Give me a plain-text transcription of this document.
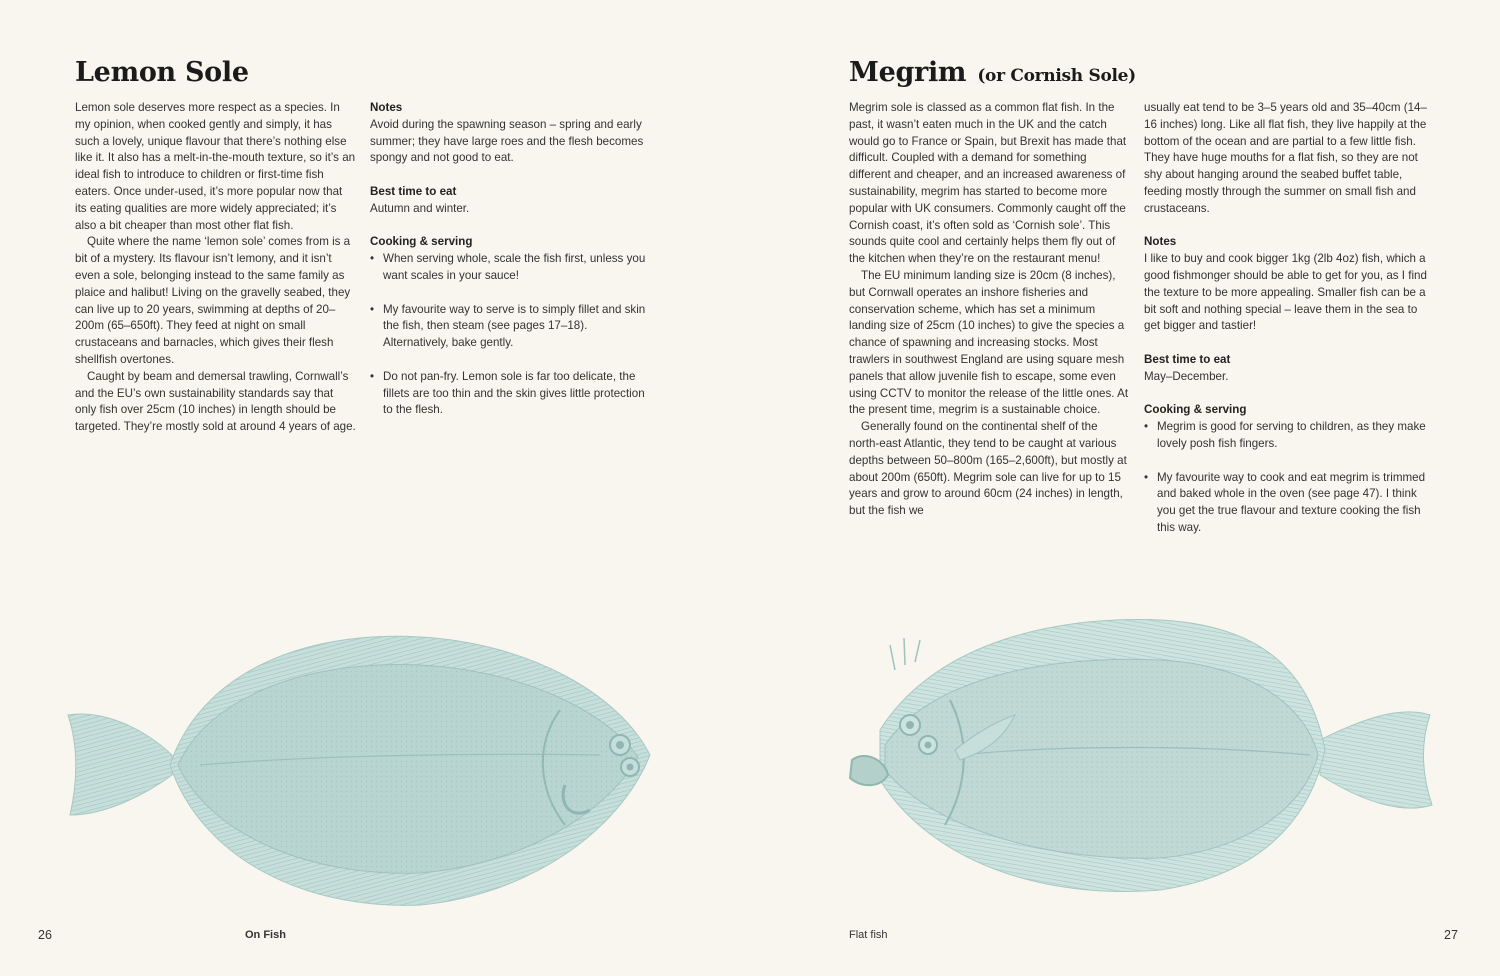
Lemon Sole

Lemon sole deserves more respect as a species. In my opinion, when cooked gently and simply, it has such a lovely, unique flavour that there’s nothing else like it. It also has a melt-in-the-mouth texture, so it’s an ideal fish to introduce to children or first-time fish eaters. Once under-used, it’s more popular now that its eating qualities are more widely appreciated; it’s also a bit cheaper than most other flat fish.

Quite where the name ‘lemon sole’ comes from is a bit of a mystery. Its flavour isn’t lemony, and it isn’t even a sole, belonging instead to the same family as plaice and halibut! Living on the gravelly seabed, they can live up to 20 years, swimming at depths of 20–200m (65–650ft). They feed at night on small crustaceans and barnacles, which gives their flesh shellfish overtones.

Caught by beam and demersal trawling, Cornwall’s and the EU’s own sustainability standards say that only fish over 25cm (10 inches) in length should be targeted. They’re mostly sold at around 4 years of age.

Notes

Avoid during the spawning season – spring and early summer; they have large roes and the flesh becomes spongy and not good to eat.

Best time to eat

Autumn and winter.

Cooking & serving

• When serving whole, scale the fish first, unless you want scales in your sauce!
• My favourite way to serve is to simply fillet and skin the fish, then steam (see pages 17–18). Alternatively, bake gently.
• Do not pan-fry. Lemon sole is far too delicate, the fillets are too thin and the skin gives little protection to the flesh.
26	On Fish
Megrim (or Cornish Sole)

Megrim sole is classed as a common flat fish. In the past, it wasn’t eaten much in the UK and the catch would go to France or Spain, but Brexit has made that difficult. Coupled with a demand for something different and cheaper, and an increased awareness of sustainability, megrim has started to become more popular with UK consumers. Commonly caught off the Cornish coast, it’s often sold as ‘Cornish sole’. This sounds quite cool and certainly helps them fly out of the kitchen when they’re on the restaurant menu!

The EU minimum landing size is 20cm (8 inches), but Cornwall operates an inshore fisheries and conservation scheme, which has set a minimum landing size of 25cm (10 inches) to give the species a chance of spawning and increasing stocks. Most trawlers in southwest England are using square mesh panels that allow juvenile fish to escape, some even using CCTV to monitor the release of the little ones. At the present time, megrim is a sustainable choice.

Generally found on the continental shelf of the north-east Atlantic, they tend to be caught at various depths between 50–800m (165–2,600ft), but mostly at about 200m (650ft). Megrim sole can live for up to 15 years and grow to around 60cm (24 inches) in length, but the fish we

usually eat tend to be 3–5 years old and 35–40cm (14–16 inches) long. Like all flat fish, they live happily at the bottom of the ocean and are partial to a few little fish. They have huge mouths for a flat fish, so they are not shy about hanging around the seabed buffet table, feeding mostly through the summer on small fish and crustaceans.

Notes

I like to buy and cook bigger 1kg (2lb 4oz) fish, which a good fishmonger should be able to get for you, as I find the texture to be more appealing. Smaller fish can be a bit soft and nothing special – leave them in the sea to get bigger and tastier!

Best time to eat

May–December.

Cooking & serving

• Megrim is good for serving to children, as they make lovely posh fish fingers.
• My favourite way to cook and eat megrim is trimmed and baked whole in the oven (see page 47). I think you get the true flavour and texture cooking the fish this way.
Flat fish	27
